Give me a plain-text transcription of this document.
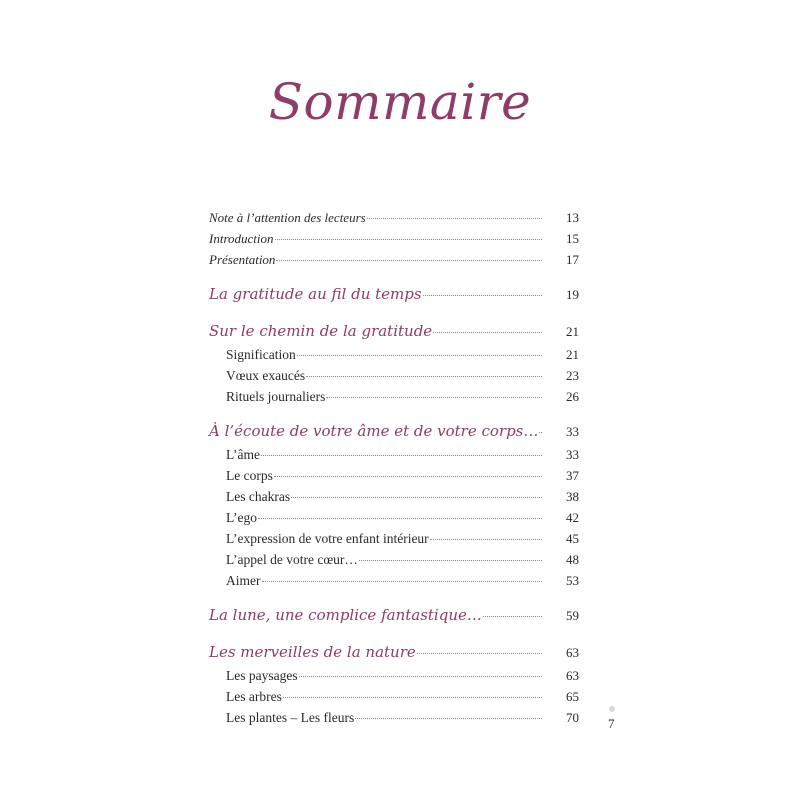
Sommaire
Note à l’attention des lecteurs	13
Introduction	15
Présentation	17
La gratitude au fil du temps	19
Sur le chemin de la gratitude	21
Signification	21
Vœux exaucés	23
Rituels journaliers	26
À l’écoute de votre âme et de votre corps…	33
L’âme	33
Le corps	37
Les chakras	38
L’ego	42
L’expression de votre enfant intérieur	45
L’appel de votre cœur…	48
Aimer	53
La lune, une complice fantastique…	59
Les merveilles de la nature	63
Les paysages	63
Les arbres	65
Les plantes – Les fleurs	70 7
